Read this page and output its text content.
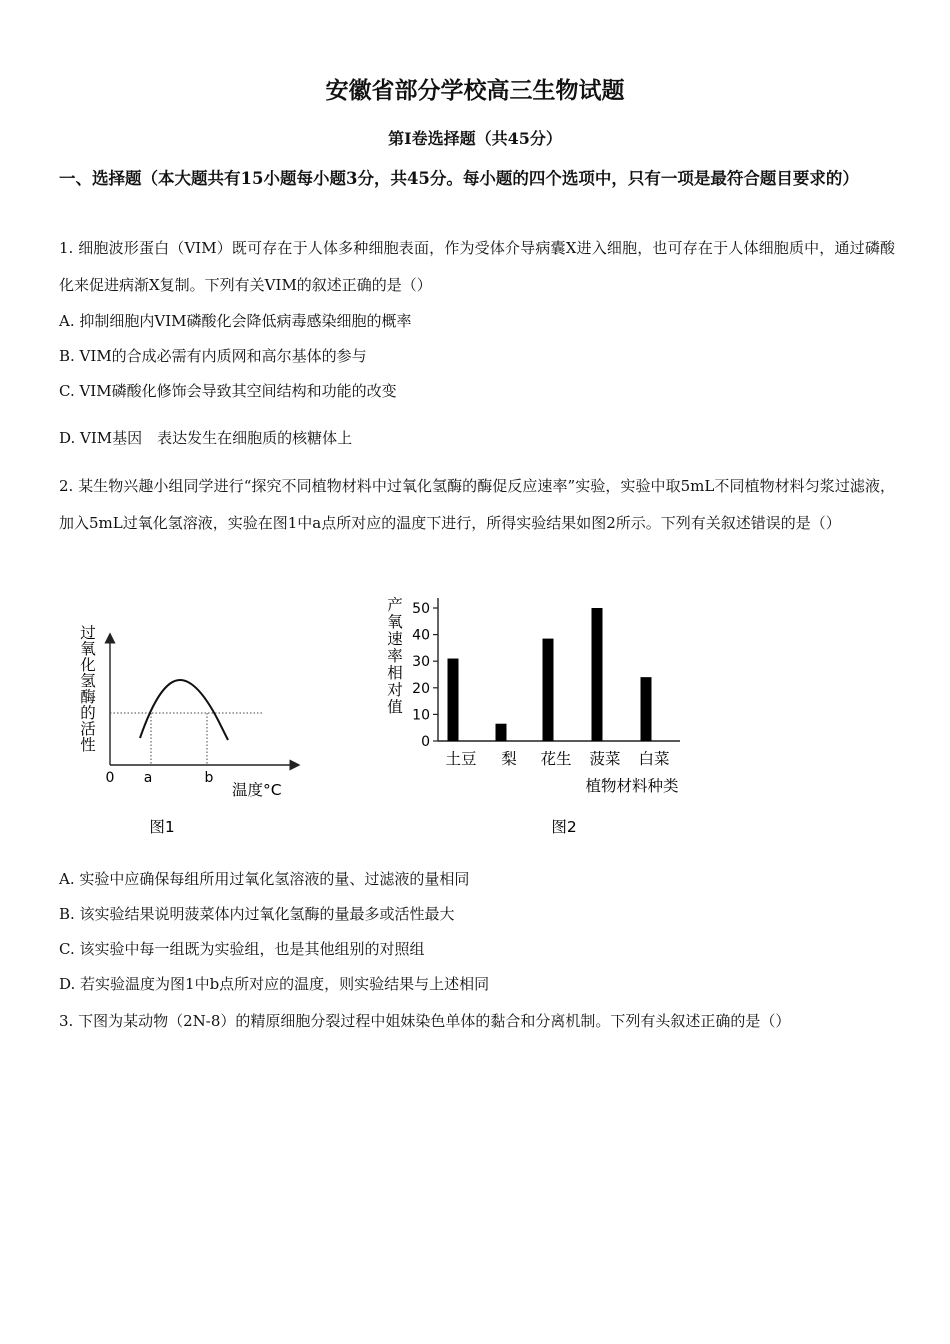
安徽省部分学校高三生物试题
第I卷选择题（共45分）
一、选择题（本大题共有15小题每小题3分，共45分。每小题的四个选项中，只有一项是最符合题目要求的）
1. 细胞波形蛋白（VIM）既可存在于人体多种细胞表面，作为受体介导病囊X进入细胞，也可存在于人体细胞质中，通过磷酸化来促进病渐X复制。下列有关VIM的叙述正确的是（）
A. 抑制细胞内VIM磷酸化会降低病毒感染细胞的概率
B. VIM的合成必需有内质网和高尔基体的参与
C. VIM磷酸化修饰会导致其空间结构和功能的改变
D. VIM基因　表达发生在细胞质的核糖体上
2. 某生物兴趣小组同学进行“探究不同植物材料中过氧化氢酶的酶促反应速率”实验，实验中取5mL不同植物材料匀浆过滤液，加入5mL过氧化氢溶液，实验在图1中a点所对应的温度下进行，所得实验结果如图2所示。下列有关叙述错误的是（）
过氧化氢酶的活性
0 a	b
温度°C
图1
产氧速率相对值
0
10
20
30
40
50
土豆 梨 花生 菠菜 白菜
植物材料种类
图2
A. 实验中应确保每组所用过氧化氢溶液的量、过滤液的量相同
B. 该实验结果说明菠菜体内过氧化氢酶的量最多或活性最大
C. 该实验中每一组既为实验组，也是其他组别的对照组
D. 若实验温度为图1中b点所对应的温度，则实验结果与上述相同
3. 下图为某动物（2N-8）的精原细胞分裂过程中姐妹染色单体的黏合和分离机制。下列有头叙述正确的是（）
